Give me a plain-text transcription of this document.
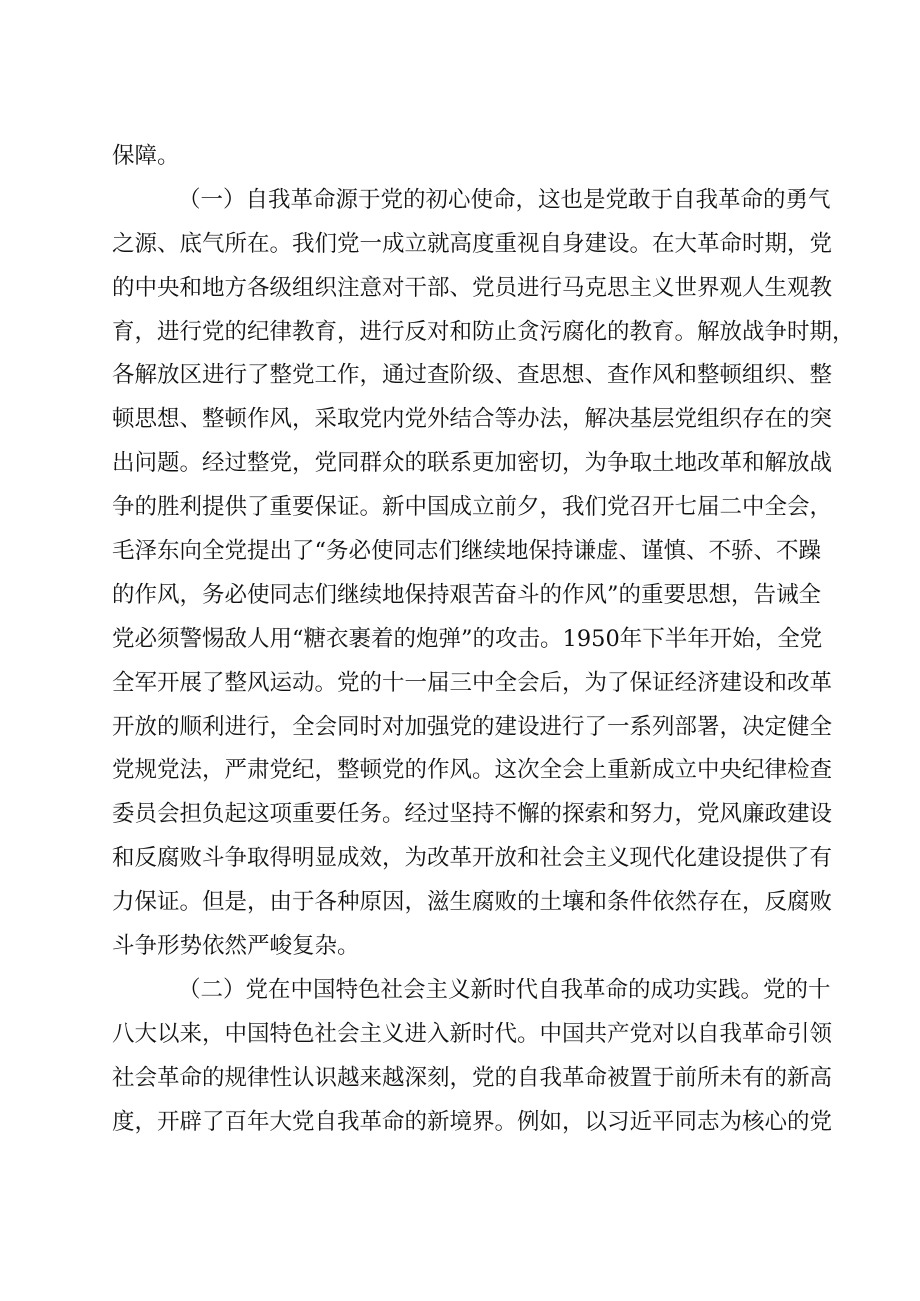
保障。
（一）自我革命源于党的初心使命，这也是党敢于自我革命的勇气
之源、底气所在。我们党一成立就高度重视自身建设。在大革命时期，党
的中央和地方各级组织注意对干部、党员进行马克思主义世界观人生观教
育，进行党的纪律教育，进行反对和防止贪污腐化的教育。解放战争时期，
各解放区进行了整党工作，通过查阶级、查思想、查作风和整顿组织、整
顿思想、整顿作风，采取党内党外结合等办法，解决基层党组织存在的突
出问题。经过整党，党同群众的联系更加密切，为争取土地改革和解放战
争的胜利提供了重要保证。新中国成立前夕，我们党召开七届二中全会，
毛泽东向全党提出了“务必使同志们继续地保持谦虚、谨慎、不骄、不躁
的作风，务必使同志们继续地保持艰苦奋斗的作风”的重要思想，告诫全
党必须警惕敌人用“糖衣裹着的炮弹”的攻击。1950年下半年开始，全党
全军开展了整风运动。党的十一届三中全会后，为了保证经济建设和改革
开放的顺利进行，全会同时对加强党的建设进行了一系列部署，决定健全
党规党法，严肃党纪，整顿党的作风。这次全会上重新成立中央纪律检查
委员会担负起这项重要任务。经过坚持不懈的探索和努力，党风廉政建设
和反腐败斗争取得明显成效，为改革开放和社会主义现代化建设提供了有
力保证。但是，由于各种原因，滋生腐败的土壤和条件依然存在，反腐败
斗争形势依然严峻复杂。
（二）党在中国特色社会主义新时代自我革命的成功实践。党的十
八大以来，中国特色社会主义进入新时代。中国共产党对以自我革命引领
社会革命的规律性认识越来越深刻，党的自我革命被置于前所未有的新高
度，开辟了百年大党自我革命的新境界。例如，以习近平同志为核心的党
